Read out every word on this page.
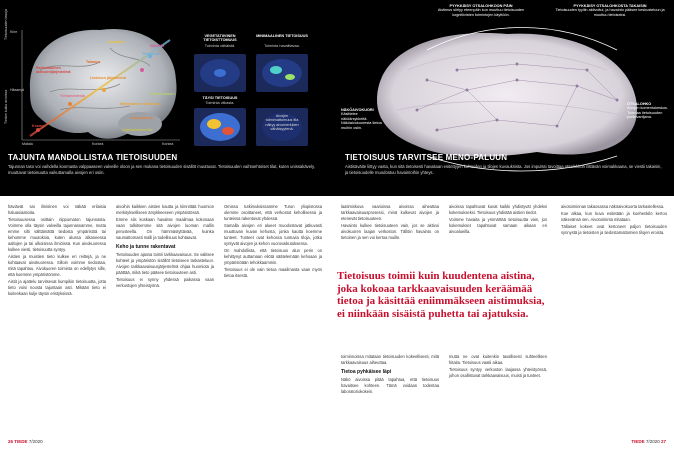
Tietoisuuden tasoja Kiire
Tiedon kulku aivoissa
Matala	Korkea	Korkea
Hitaampi
Valveilla
Tietoisuus
Minimaalinen tietoisuus
Unissakävely
Kooma
Vegetatiivinen tila
Yleisanestesia
Retikulaarinen aktivointijärjestelmä
Talamus
Limbinen järjestelmä
Aivokuori
Näköaivokuori
VEGETATIIVINEN TIETOISTTOMUUS
Toiminta vähäistä.
MINIMAALINEN TIETOISUUS
Toiminta havaittavaa.
TÄYSI TIETOISUUS
Toiminta vilkasta.
Aivojen toimimattomuus tila näkyy aivomerkkien vähäisyytenä.
TAJUNTA MANDOLLISTAA TIETOISUUDEN
Tajunnan taso voi vaihdella koomasta valppaaseen valveille oloon ja sen mukana tietoisuuden sisällöt muuttuvat. Tietoisuuden vaihtoehtoiset tilat, kuten unissakävely, muuttavat tietoisuutta vaikuttamalla aivojen eri osiin.

häviävät sai ilmiöinen voi näkää erilaisia haluasiaatioita.

Tietoisuusessa osittain riippumaton tajunnasta. Voimme olla täysin valveilla tajunnassamme, mutta emme silti välttämättä tiedosta ympäristöä tai kehomme muutoksia, kuten alussa alkaneessa aaltojen ja tai ulkoisissa ilmiöissä. Kun aivokuoressa kulkee viesti, tietoisuutta syntyy.

Aistien ja muistien tieto kulkee eri reittejä, ja ne kohtaavat aivokuoressa. Silloin voimme tiedostaa, mitä tapahtuu. Aivokuoren toiminta on edellytys sille, että koemme ympäristömme.

Aistit ja ajattelu tarvitsevat kumpikin tietoisuutta, jotta tieto voisi nousta tajuntaan asti. Mikään tieto ei kuitenkaan kulje täysin eristyksissä.

aivoihin kaikkien aistien kautta ja kiinnittää huomion merkitykselliseen ärsykkeeseen ympäristössä.

Emme siis koskaan havaitse maailmaa kokonaan vaan tulkitsemme sitä aivojen luoman mallin perusteella. On hämmästyttävää, kuinka saumattomasti malli ja todellisuus kohtaavat.

Keho ja tunne rakentavat

Tietoisuuden ajassa toimii tarkkaavaisuus. Se valitsee kohteet ja ympäristön sisällöt tietoiseen tarkasteluun. Aivojen tarkkaavaisuusjärjestelmä ohjaa huomiota ja päättää, mikä tieto pääsee tietoisuuteen asti.

Tietoisuus ei synny yhdessä paikassa vaan verkostojen yhteistyönä.

Omissa tutkimuksissamme Turun yliopistossa olemme osoittaneet, että verkostot kehollisessa ja tunteissa rakentuvat yhdessä.

Samalla aivojen eri alueet muodostavat jatkuvasti muuttuvan kuvan kehosta, jonka kautta koemme tunteet. Tunteet ovat kehossa tuntuvia tiloja, jotka syntyvät aivojen ja kehon vuorovaikutuksessa.

On mahdollista, että tietoisuus alun perin on kehittynyt auttamaan eliötä säätelemään kehoaan ja ympäristöään tehokkaammin.

Tietoisuus ei ole vain tietoa maailmasta vaan myös tietoa itsestä.

26 TIEDE 7/2020
PYYKKÄISY OTSALOHKOON PÄIN
Aistimus siirtyy eteenpäin kun muuttuu tietoisuuden kognitiivisten toimintojen käyttöön.
PYYKKÄISY OTSALOHKOSTA TAKAISIN
Tietoisuuden tyyliin aktivoitui, ja havainto pääsee keskusteluun ja muuttuu tietoiseksi.
NÄKÖAIVOKUORI
Käsittelee näköärsykkeitä. Näköaivokuoresta tietoa muihin osiin.
OTSALOHKO
Aivojen komentokeskus. Tuomaa tietoisuuden portinvartijana.
TIETOISUUS TARVITSEE MENO-PALUUN
Aistisäväite liittyy vasta, kun sitä tietoisesti havaitaan esitettyjen kohteiden ja tilojen kuvauksista. Jos impulssi tavoittaa otsalohkon riittävän voimakkaana, se viestii takaisin, ja tietoisuudelle muodostuu havaintoihin yhteys.

laatimiskuva vaarioissa aivoissa aiheuttaa tarkkaavaisuusprosessi, minä kulkevat aivojen ja etenevät tietoisuuteen.

Havainto kulkee tietoisuuteen vain, jos se aktivoi aivokuoren laajan verkoston. Tällöin havainto on tietoinen ja sen voi kertoa muille.

aivoissa tapahtuvat kuvat kaikki yhdistyvät yhdeksi kokemukseksi. Tietoisuus yhdistää aistien tiedot.

Voimme havaita ja ymmärtää tietoisuutta vain, jos kokemukset tapahtuvat samaan aikaan eri aivoalueilla.

Tietoisuus toimii kuin kuudentena aistina, joka kokoaa tarkkaavaisuuden keräämää tietoa ja käsittää eniimmäkseen aistimuksia, ei niinkään sisäistä puhetta tai ajatuksia.

toiminnoissa mitataan tietoisuuden kokeellisesti, mitä tarkkaavaisuus aiheuttaa.

Tietoa pyhkäisee läpi

Näkö aivoissa pitää tapahtua, että tietoisuus havaitsee kohteen. Tämä voidaan todentaa laboratoriokokein.

mutta ne ovat kuitenkin tavallisesti suhteellisen hitaita. Tietoisuus vaatii aikaa.

Tietoisuus syntyy verkoston laajassa yhteistyössä, johon osallistuvat tarkkaavaisuus, muisti ja tunteet.

aivotoiminnan takaosassa näköaivokuorta tarkastellessa.

Koe alkaa, kun kuva esitetään ja koehenkilö kertoo näkevänsä sen. Aivotoiminta mitataan.

Tällaiset kokeet ovat kertoneet paljon tietoisuuden synnystä ja tietoisten ja tiedostamattomien tilojen eroista.

TIEDE 7/2020 27
